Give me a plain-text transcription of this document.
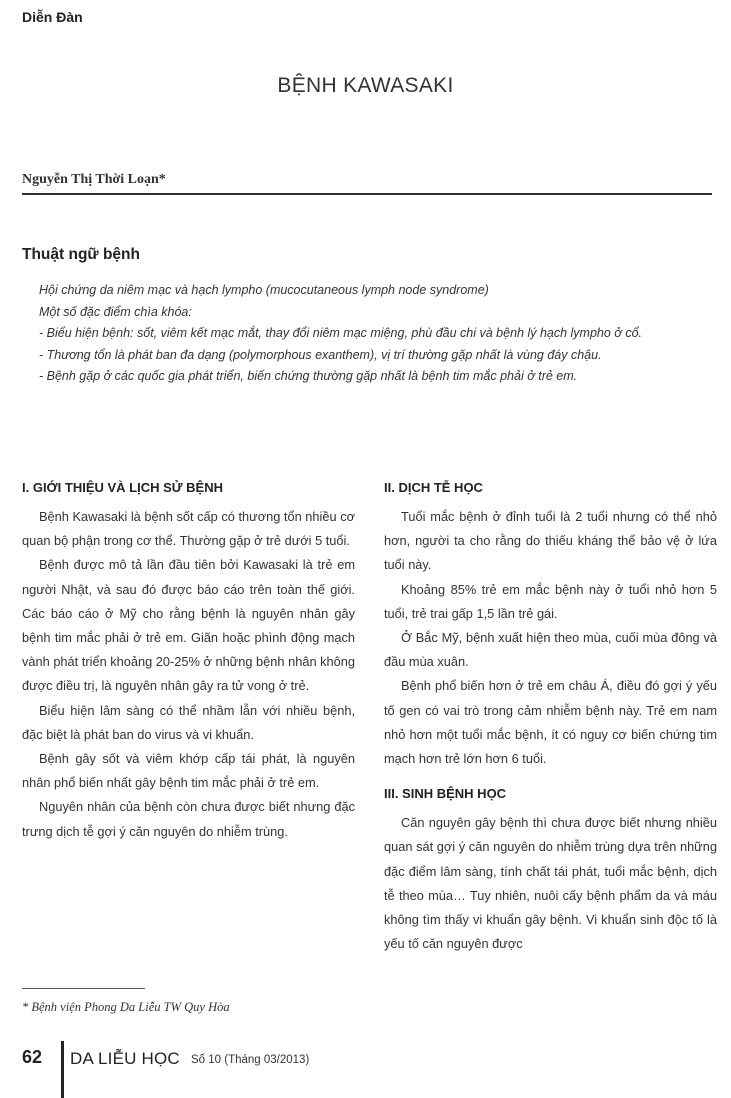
Diễn Đàn
BỆNH KAWASAKI
Nguyễn Thị Thời Loạn*
Thuật ngữ bệnh

Hội chứng da niêm mạc và hạch lympho (mucocutaneous lymph node syndrome)

Một số đặc điểm chìa khóa:

- Biểu hiện bệnh: sốt, viêm kết mạc mắt, thay đổi niêm mạc miệng, phù đầu chi và bệnh lý hạch lympho ở cổ.

- Thương tổn là phát ban đa dạng (polymorphous exanthem), vị trí thường gặp nhất là vùng đáy chậu.

- Bệnh gặp ở các quốc gia phát triển, biến chứng thường gặp nhất là bệnh tim mắc phải ở trẻ em.

I. GIỚI THIỆU VÀ LỊCH SỬ BỆNH

Bệnh Kawasaki là bệnh sốt cấp có thương tổn nhiều cơ quan bộ phận trong cơ thể. Thường gặp ở trẻ dưới 5 tuổi.

Bệnh được mô tả lần đầu tiên bởi Kawasaki là trẻ em người Nhật, và sau đó được báo cáo trên toàn thế giới. Các báo cáo ở Mỹ cho rằng bệnh là nguyên nhân gây bệnh tim mắc phải ở trẻ em. Giãn hoặc phình động mạch vành phát triển khoảng 20-25% ở những bệnh nhân không được điều trị, là nguyên nhân gây ra tử vong ở trẻ.

Biểu hiện lâm sàng có thể nhầm lẫn với nhiều bệnh, đặc biệt là phát ban do virus và vi khuẩn.

Bệnh gây sốt và viêm khớp cấp tái phát, là nguyên nhân phổ biến nhất gây bệnh tim mắc phải ở trẻ em.

Nguyên nhân của bệnh còn chưa được biết nhưng đặc trưng dịch tễ gợi ý căn nguyên do nhiễm trùng.

II. DỊCH TỄ HỌC

Tuổi mắc bệnh ở đỉnh tuổi là 2 tuổi nhưng có thể nhỏ hơn, người ta cho rằng do thiếu kháng thể bảo vệ ở lứa tuổi này.

Khoảng 85% trẻ em mắc bệnh này ở tuổi nhỏ hơn 5 tuổi, trẻ trai gấp 1,5 lần trẻ gái.

Ở Bắc Mỹ, bệnh xuất hiện theo mùa, cuối mùa đông và đầu mùa xuân.

Bệnh phổ biến hơn ở trẻ em châu Á, điều đó gợi ý yếu tố gen có vai trò trong cảm nhiễm bệnh này. Trẻ em nam nhỏ hơn một tuổi mắc bệnh, ít có nguy cơ biến chứng tim mạch hơn trẻ lớn hơn 6 tuổi.

III. SINH BỆNH HỌC

Căn nguyên gây bệnh thì chưa được biết nhưng nhiều quan sát gợi ý căn nguyên do nhiễm trùng dựa trên những đặc điểm lâm sàng, tính chất tái phát, tuổi mắc bệnh, dịch tễ theo mùa… Tuy nhiên, nuôi cấy bệnh phẩm da và máu không tìm thấy vi khuẩn gây bệnh. Vi khuẩn sinh độc tố là yếu tố căn nguyên được

* Bệnh viện Phong Da Liễu TW Quy Hòa
62 DA LIỄU HỌC Số 10 (Tháng 03/2013)
